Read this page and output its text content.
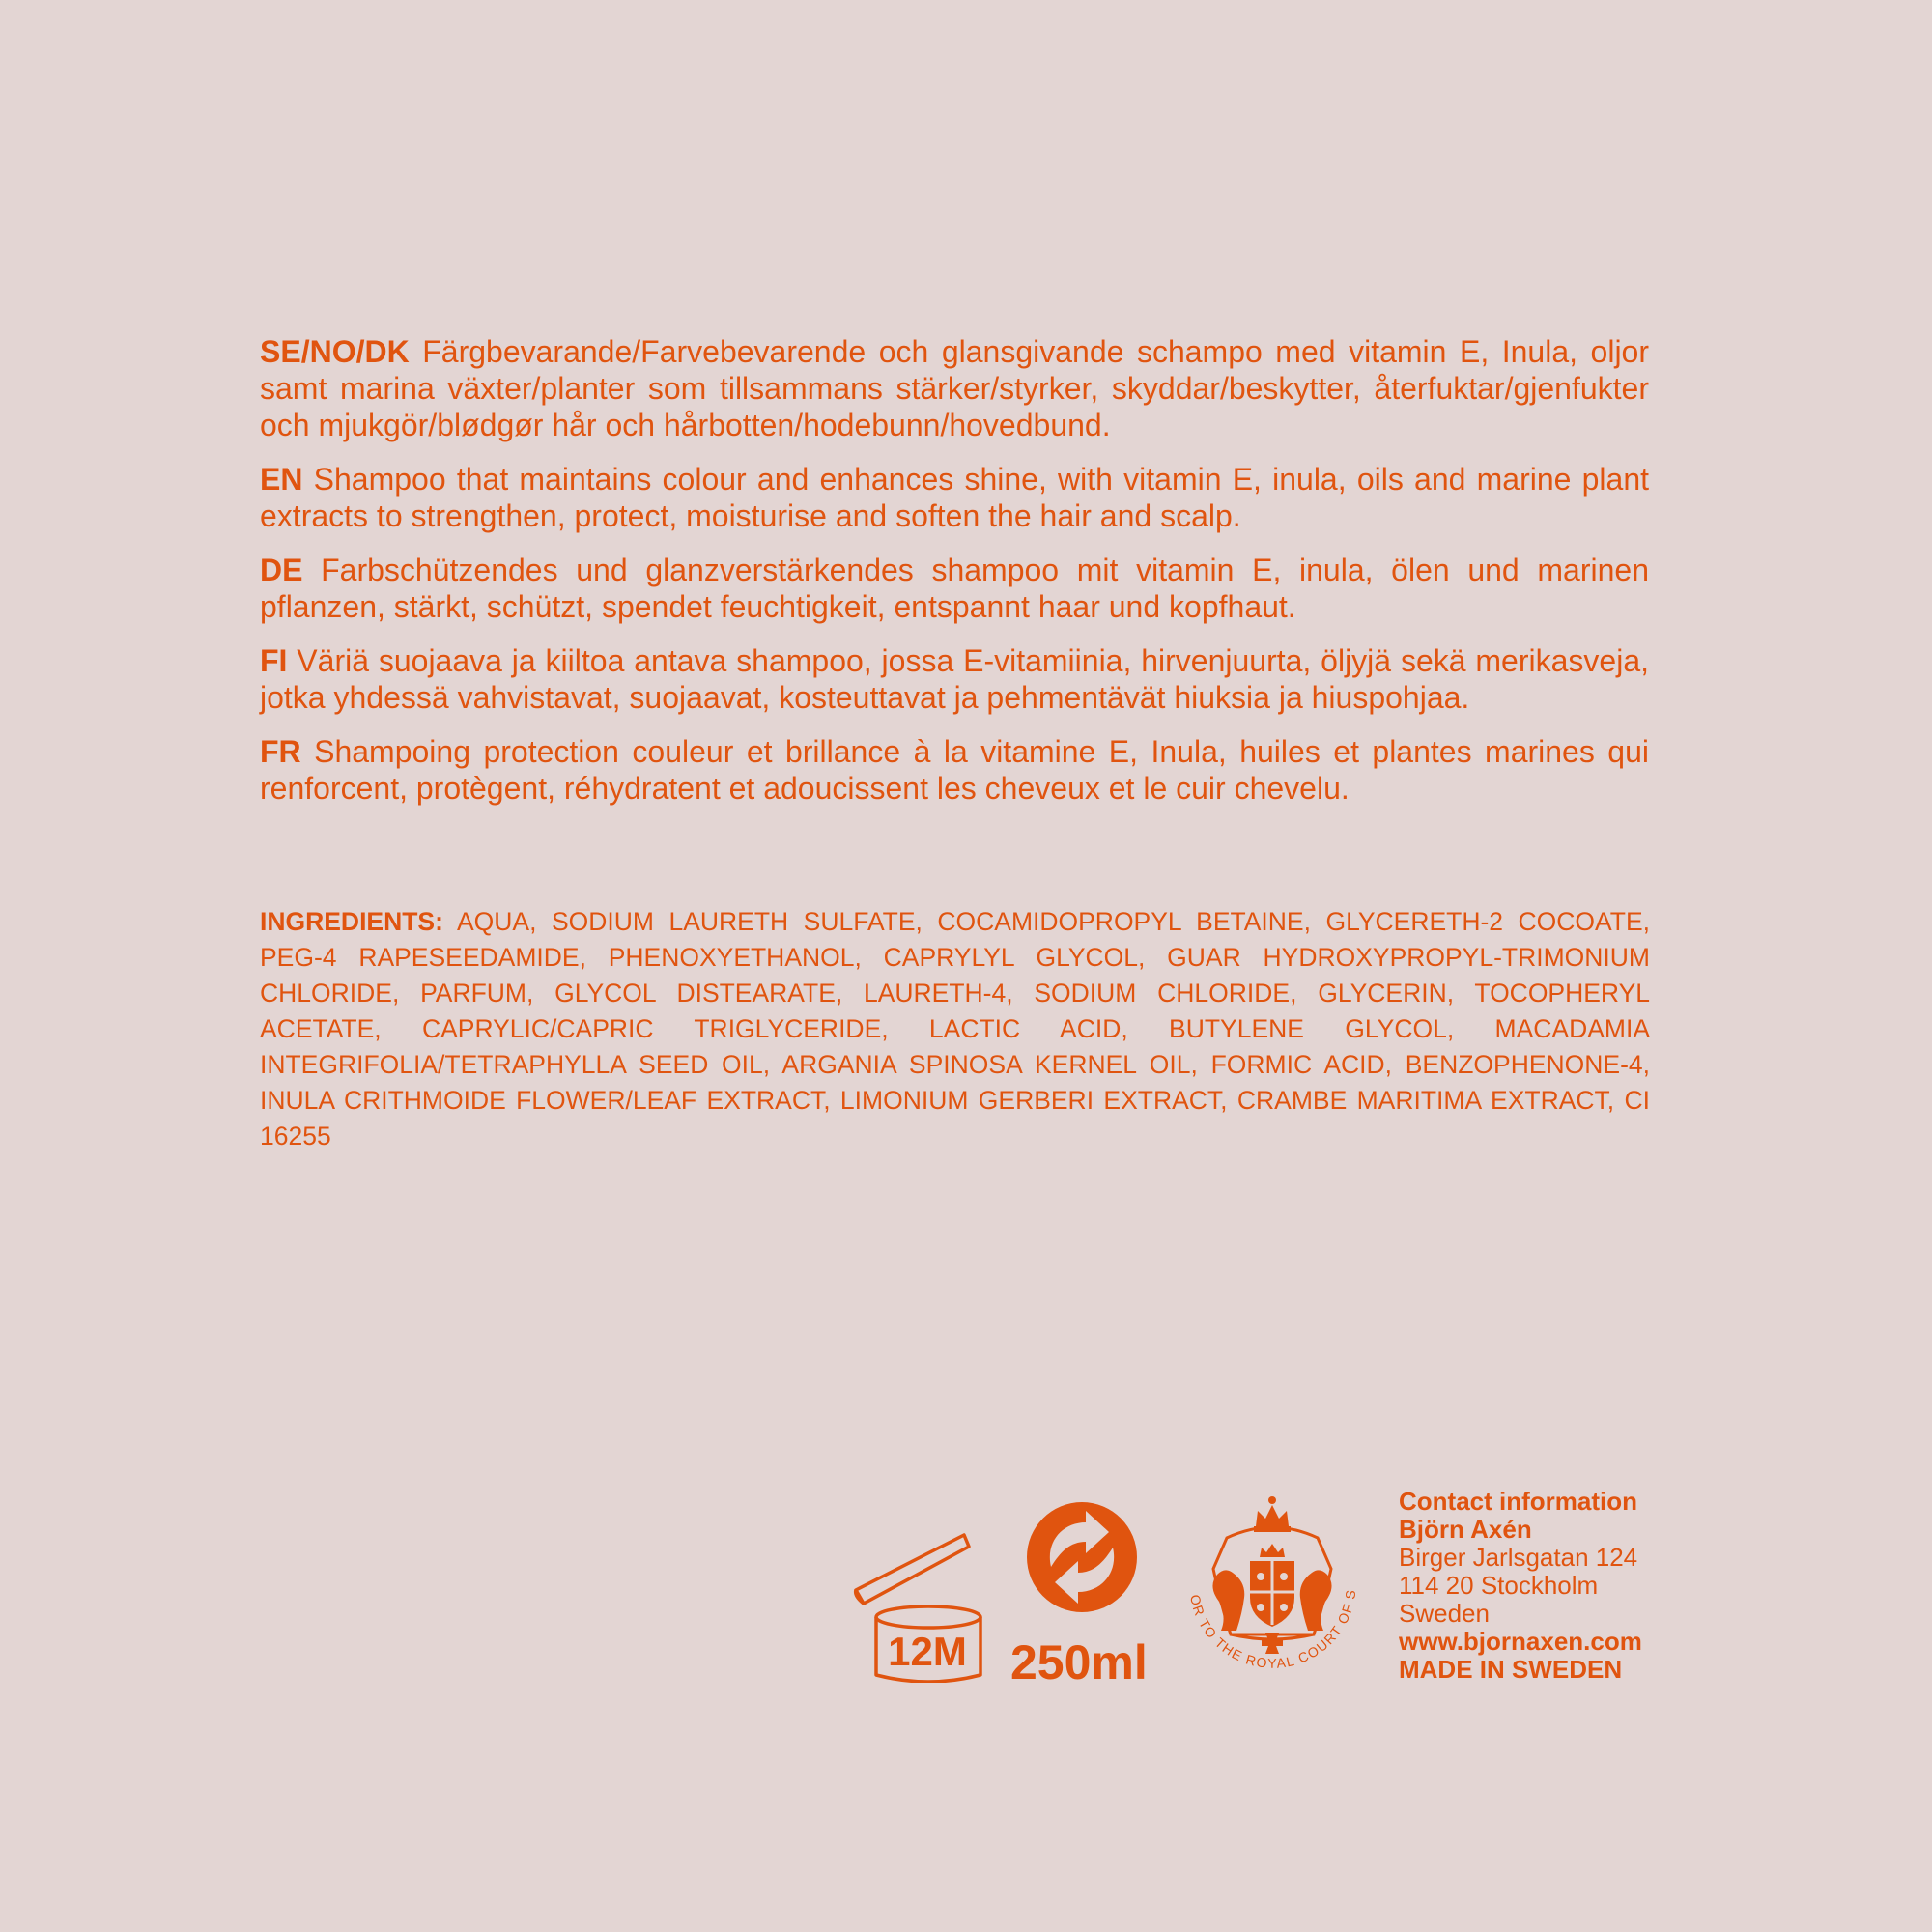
SE/NO/DK Färgbevarande/Farvebevarende och glansgivande schampo med vitamin E, Inula, oljor samt marina växter/planter som tillsammans stärker/styrker, skyddar/beskytter, återfuktar/gjenfukter och mjukgör/blødgør hår och hårbotten/hodebunn/hovedbund.

EN Shampoo that maintains colour and enhances shine, with vitamin E, inula, oils and marine plant extracts to strengthen, protect, moisturise and soften the hair and scalp.

DE Farbschützendes und glanzverstärkendes shampoo mit vitamin E, inula, ölen und marinen pflanzen, stärkt, schützt, spendet feuchtigkeit, entspannt haar und kopfhaut.

FI Väriä suojaava ja kiiltoa antava shampoo, jossa E-vitamiinia, hirvenjuurta, öljyjä sekä merikasveja, jotka yhdessä vahvistavat, suojaavat, kosteuttavat ja pehmentävät hiuksia ja hiuspohjaa.

FR Shampoing protection couleur et brillance à la vitamine E, Inula, huiles et plantes marines qui renforcent, protègent, réhydratent et adoucissent les cheveux et le cuir chevelu.

INGREDIENTS: AQUA, SODIUM LAURETH SULFATE, COCAMIDOPROPYL BETAINE, GLYCERETH-2 COCOATE, PEG-4 RAPESEEDAMIDE, PHENOXYETHANOL, CAPRYLYL GLYCOL, GUAR HYDROXYPROPYL-TRIMONIUM CHLORIDE, PARFUM, GLYCOL DISTEARATE, LAURETH-4, SODIUM CHLORIDE, GLYCERIN, TOCOPHERYL ACETATE, CAPRYLIC/CAPRIC TRIGLYCERIDE, LACTIC ACID, BUTYLENE GLYCOL, MACADAMIA INTEGRIFOLIA/TETRAPHYLLA SEED OIL, ARGANIA SPINOSA KERNEL OIL, FORMIC ACID, BENZOPHENONE-4, INULA CRITHMOIDE FLOWER/LEAF EXTRACT, LIMONIUM GERBERI EXTRACT, CRAMBE MARITIMA EXTRACT, CI 16255
12M 250ml
OR TO THE ROYAL COURT OF S
Contact information
Björn Axén
Birger Jarlsgatan 124
114 20 Stockholm
Sweden
www.bjornaxen.com
MADE IN SWEDEN
